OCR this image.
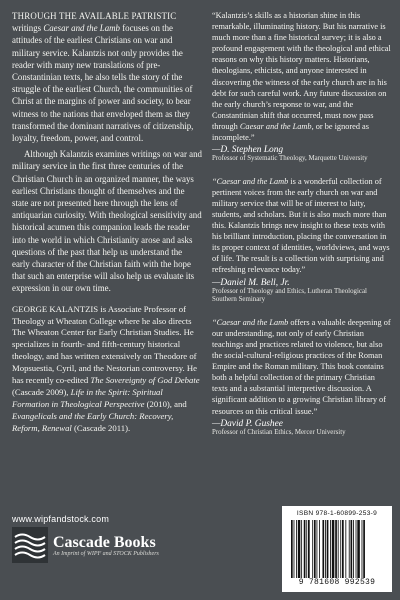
THROUGH THE AVAILABLE PATRISTIC writings Caesar and the Lamb focuses on the attitudes of the earliest Christians on war and military service. Kalantzis not only provides the reader with many new translations of pre-Constantinian texts, he also tells the story of the struggle of the earliest Church, the communities of Christ at the margins of power and society, to bear witness to the nations that enveloped them as they transformed the dominant narratives of citizenship, loyalty, freedom, power, and control.

Although Kalantzis examines writings on war and military service in the first three centuries of the Christian Church in an organized manner, the ways earliest Christians thought of themselves and the state are not presented here through the lens of antiquarian curiosity. With theological sensitivity and historical acumen this companion leads the reader into the world in which Christianity arose and asks questions of the past that help us understand the early character of the Christian faith with the hope that such an enterprise will also help us evaluate its expression in our own time.

GEORGE KALANTZIS is Associate Professor of Theology at Wheaton College where he also directs The Wheaton Center for Early Christian Studies. He specializes in fourth- and fifth-century historical theology, and has written extensively on Theodore of Mopsuestia, Cyril, and the Nestorian controversy. He has recently co-edited The Sovereignty of God Debate (Cascade 2009), Life in the Spirit: Spiritual Formation in Theological Perspective (2010), and Evangelicals and the Early Church: Recovery, Reform, Renewal (Cascade 2011).

“Kalantzis’s skills as a historian shine in this remarkable, illuminating history. But his narrative is much more than a fine historical survey; it is also a profound engagement with the theological and ethical reasons on why this history matters. Historians, theologians, ethicists, and anyone interested in discovering the witness of the early church are in his debt for such careful work. Any future discussion on the early church’s response to war, and the Constantinian shift that occurred, must now pass through Caesar and the Lamb, or be ignored as incomplete.”

—D. Stephen Long
Professor of Systematic Theology, Marquette University

“Caesar and the Lamb is a wonderful collection of pertinent voices from the early church on war and military service that will be of interest to laity, students, and scholars. But it is also much more than this. Kalantzis brings new insight to these texts with his brilliant introduction, placing the conversation in its proper context of identities, worldviews, and ways of life. The result is a collection with surprising and refreshing relevance today.”

—Daniel M. Bell, Jr.
Professor of Theology and Ethics, Lutheran Theological Southern Seminary

“Caesar and the Lamb offers a valuable deepening of our understanding, not only of early Christian teachings and practices related to violence, but also the social-cultural-religious practices of the Roman Empire and the Roman military. This book contains both a helpful collection of the primary Christian texts and a substantial interpretive discussion. A significant addition to a growing Christian library of resources on this critical issue.”

—David P. Gushee
Professor of Christian Ethics, Mercer University
www.wipfandstock.com
Cascade Books
An Imprint of WIPF and STOCK Publishers
ISBN 978-1-60899-253-9
9 781608 992539
